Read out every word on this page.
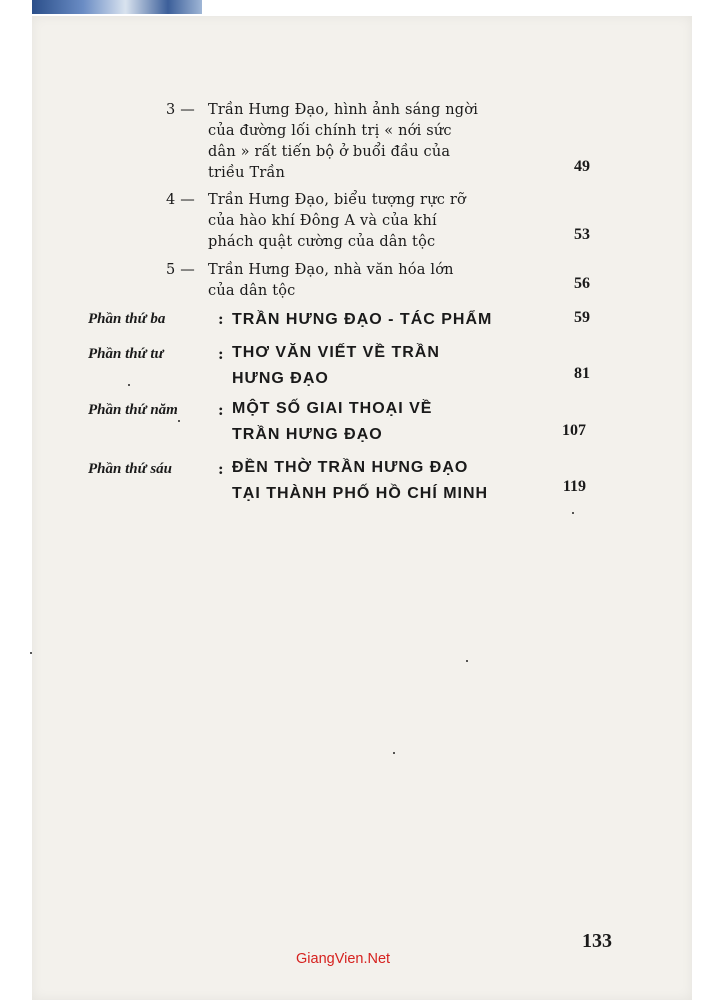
3 — Trần Hưng Đạo, hình ảnh sáng ngời
của đường lối chính trị « nới sức
dân » rất tiến bộ ở buổi đầu của
triều Trần	49
4 — Trần Hưng Đạo, biểu tượng rực rỡ
của hào khí Đông A và của khí
phách quật cường của dân tộc	53
5 — Trần Hưng Đạo, nhà văn hóa lớn
của dân tộc	56
Phần thứ ba	: TRẦN HƯNG ĐẠO - TÁC PHẨM	59
Phần thứ tư	: THƠ VĂN VIẾT VỀ TRẦN
HƯNG ĐẠO	81
Phần thứ năm	: MỘT SỐ GIAI THOẠI VỀ
TRẦN HƯNG ĐẠO	107
Phần thứ sáu	: ĐỀN THỜ TRẦN HƯNG ĐẠO
TẠI THÀNH PHỐ HỒ CHÍ MINH	119
133
GiangVien.Net
